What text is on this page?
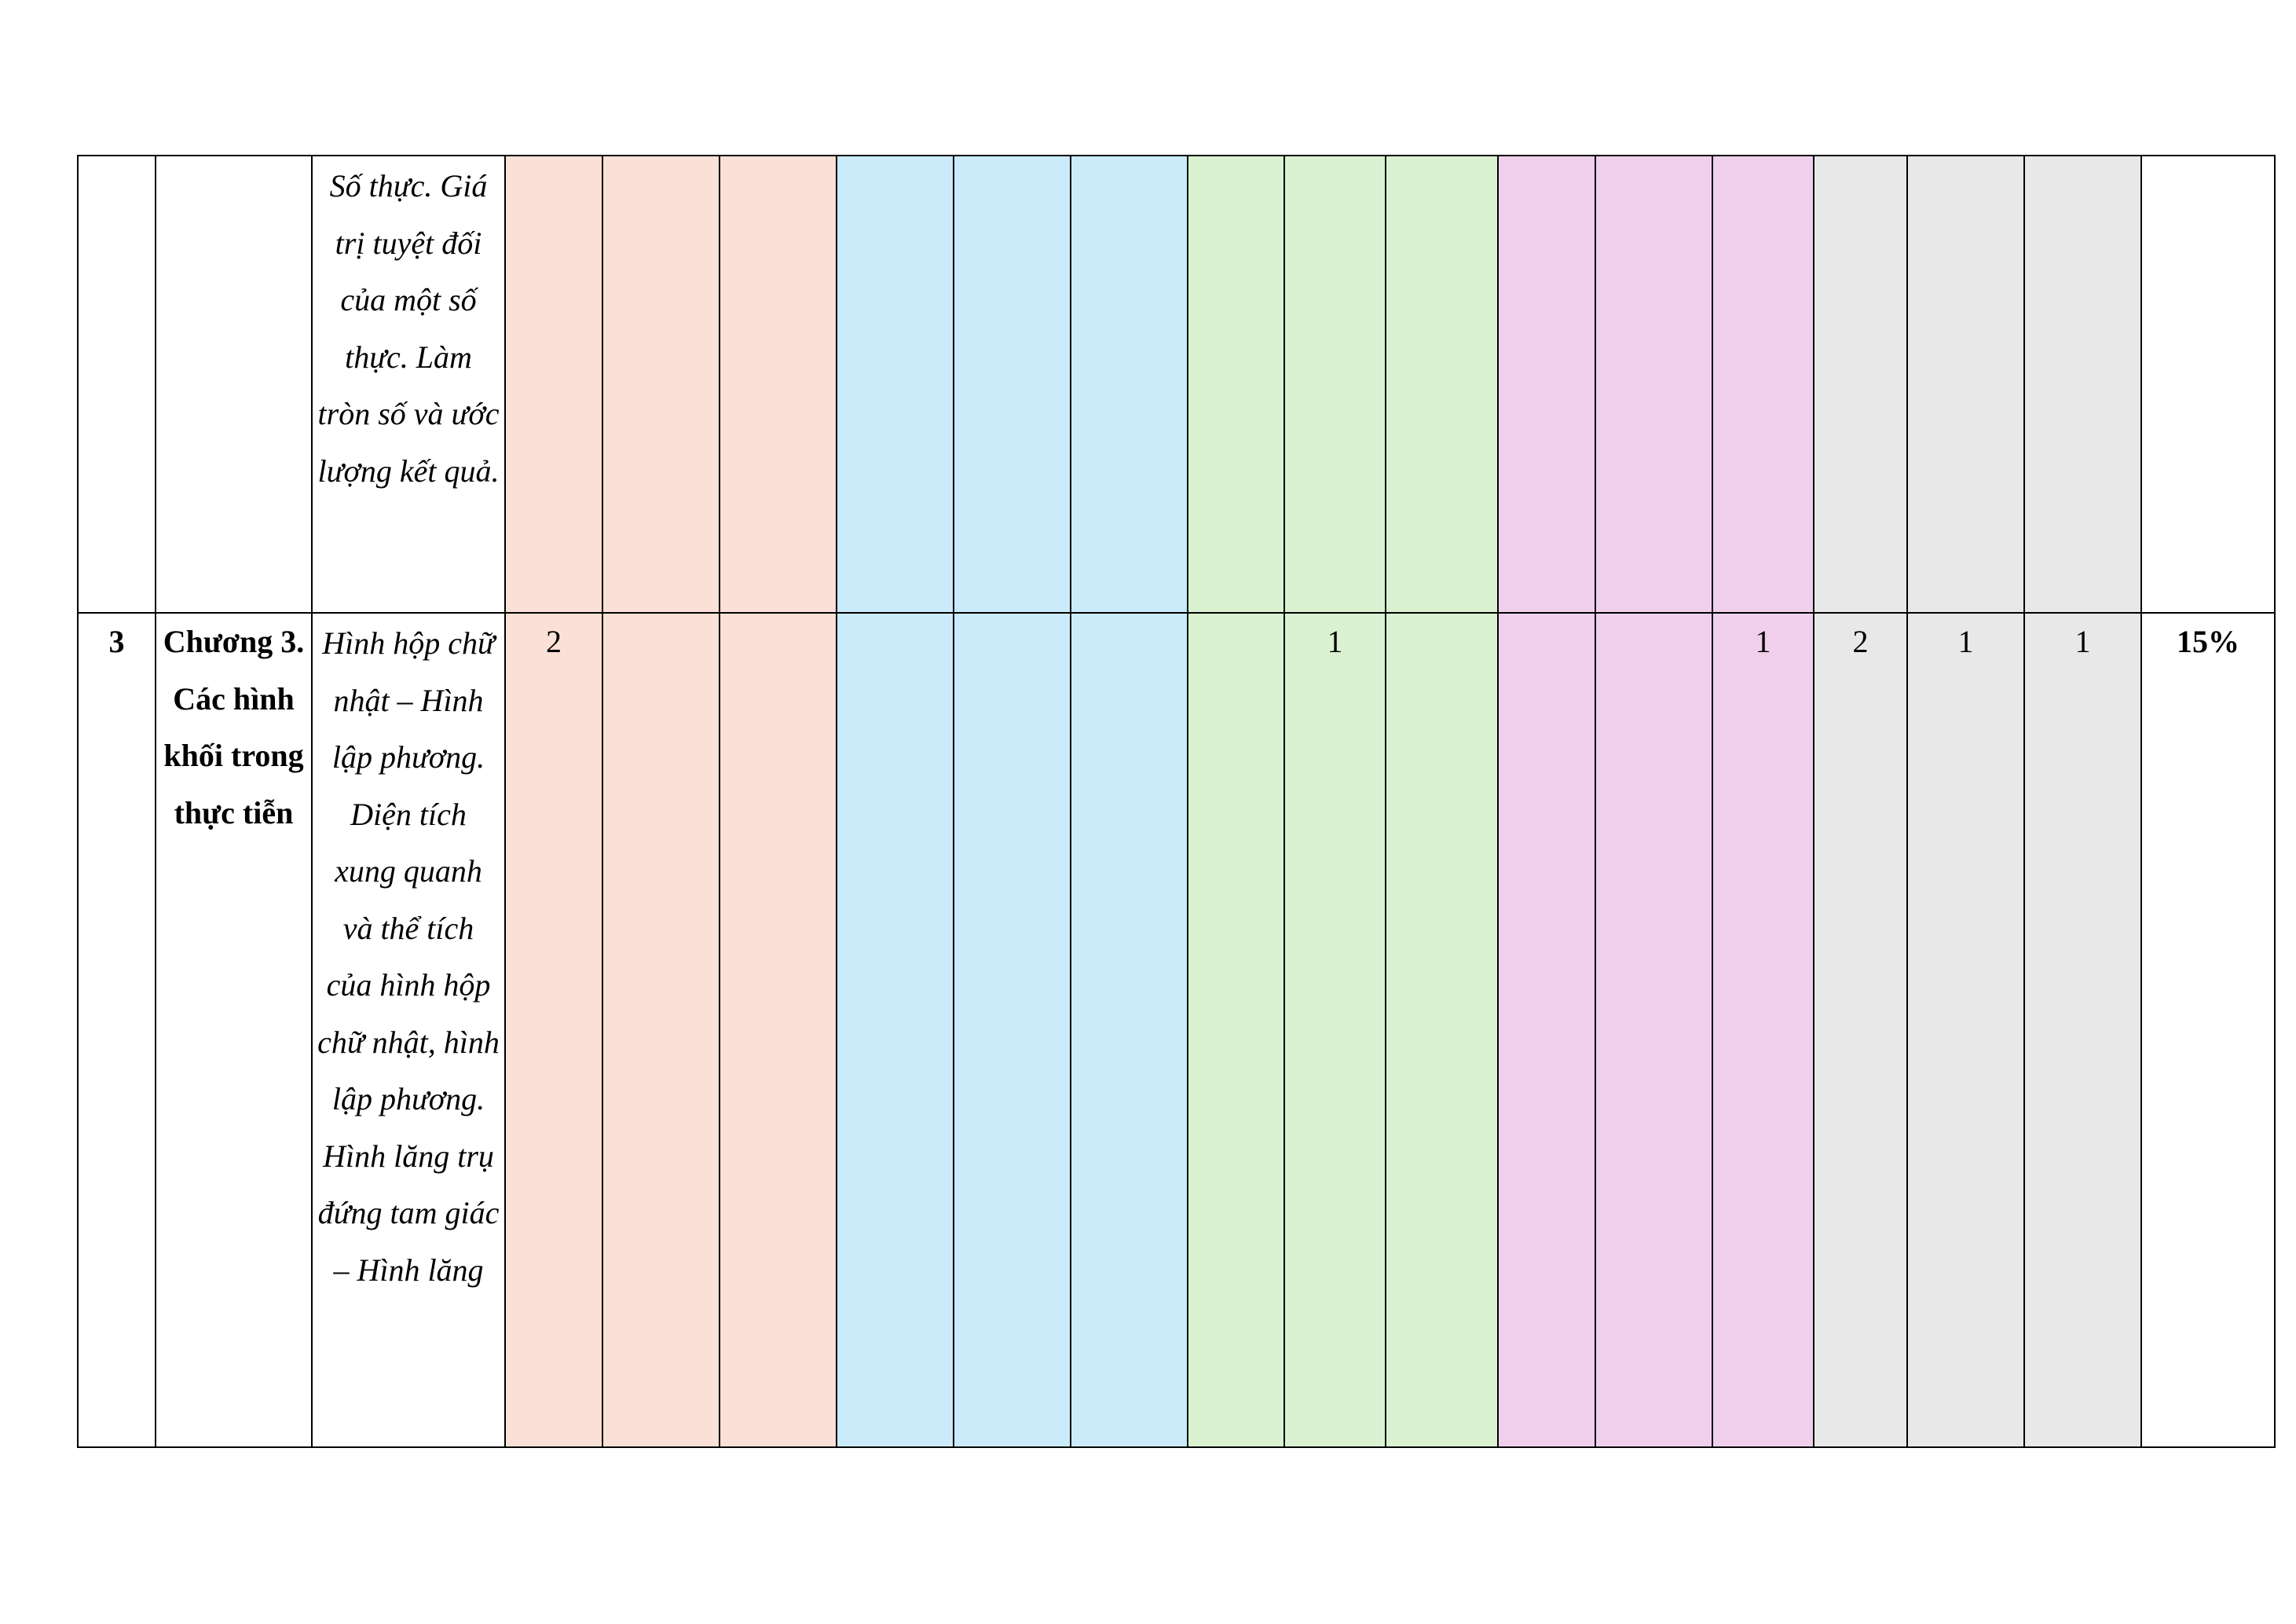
		Số thực. Giá trị tuyệt đối của một số thực. Làm tròn số và ước lượng kết quả.																

3	Chương 3. Các hình khối trong thực tiễn	Hình hộp chữ nhật – Hình lập phương. Diện tích xung quanh và thể tích của hình hộp chữ nhật, hình lập phương. Hình lăng trụ đứng tam giác – Hình lăng	2							1				1	2	1	1	15%
